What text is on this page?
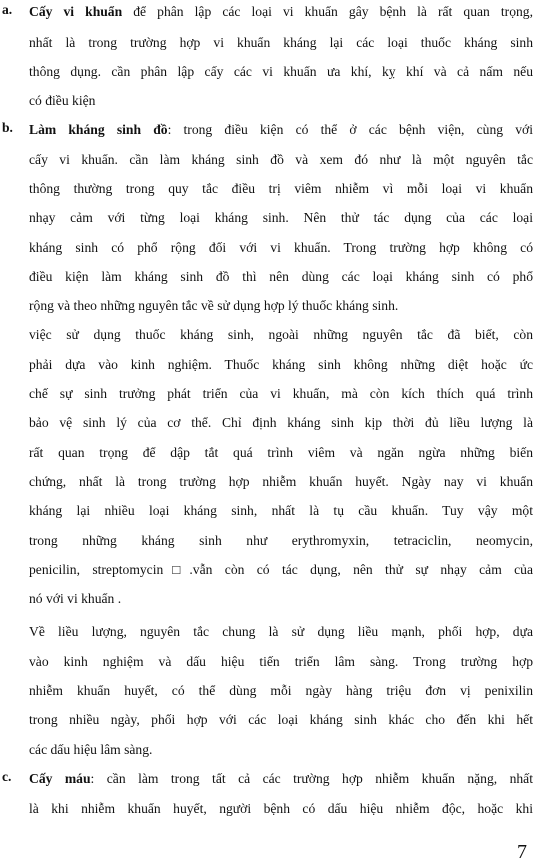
a. Cấy vi khuẩn để phân lập các loại vi khuẩn gây bệnh là rất quan trọng,
nhất là trong trường hợp vi khuẩn kháng lại các loại thuốc kháng sinh
thông dụng. cần phân lập cấy các vi khuẩn ưa khí, kỵ khí và cả nấm nếu
có điều kiện
b. Làm kháng sinh đồ: trong điều kiện có thể ở các bệnh viện, cùng với
cấy vi khuẩn. cần làm kháng sinh đồ và xem đó như là một nguyên tắc
thông thường trong quy tắc điều trị viêm nhiễm vì mỗi loại vi khuẩn
nhạy cảm với từng loại kháng sinh. Nên thử tác dụng của các loại
kháng sinh có phổ rộng đối với vi khuẩn. Trong trường hợp không có
điều kiện làm kháng sinh đồ thì nên dùng các loại kháng sinh có phổ
rộng và theo những nguyên tắc về sử dụng hợp lý thuốc kháng sinh.
việc sử dụng thuốc kháng sinh, ngoài những nguyên tắc đã biết, còn
phải dựa vào kinh nghiệm. Thuốc kháng sinh không những diệt hoặc ức
chế sự sinh trưởng phát triển của vi khuẩn, mà còn kích thích quá trình
bảo vệ sinh lý của cơ thể. Chỉ định kháng sinh kịp thời đủ liều lượng là
rất quan trọng để dập tắt quá trình viêm và ngăn ngừa những biến
chứng, nhất là trong trường hợp nhiễm khuẩn huyết. Ngày nay vi khuẩn
kháng lại nhiều loại kháng sinh, nhất là tụ cầu khuẩn. Tuy vậy một
trong những kháng sinh như erythromyxin, tetraciclin, neomycin,
penicilin, streptomycin□.vẫn còn có tác dụng, nên thử sự nhạy cảm của
nó với vi khuẩn .
Về liều lượng, nguyên tắc chung là sử dụng liều mạnh, phối hợp, dựa
vào kinh nghiệm và dấu hiệu tiến triển lâm sàng. Trong trường hợp
nhiễm khuẩn huyết, có thể dùng mỗi ngày hàng triệu đơn vị penixilin
trong nhiều ngày, phối hợp với các loại kháng sinh khác cho đến khi hết
các dấu hiệu lâm sàng.
c. Cấy máu: cần làm trong tất cả các trường hợp nhiễm khuẩn nặng, nhất
là khi nhiễm khuẩn huyết, người bệnh có dấu hiệu nhiễm độc, hoặc khi
7
